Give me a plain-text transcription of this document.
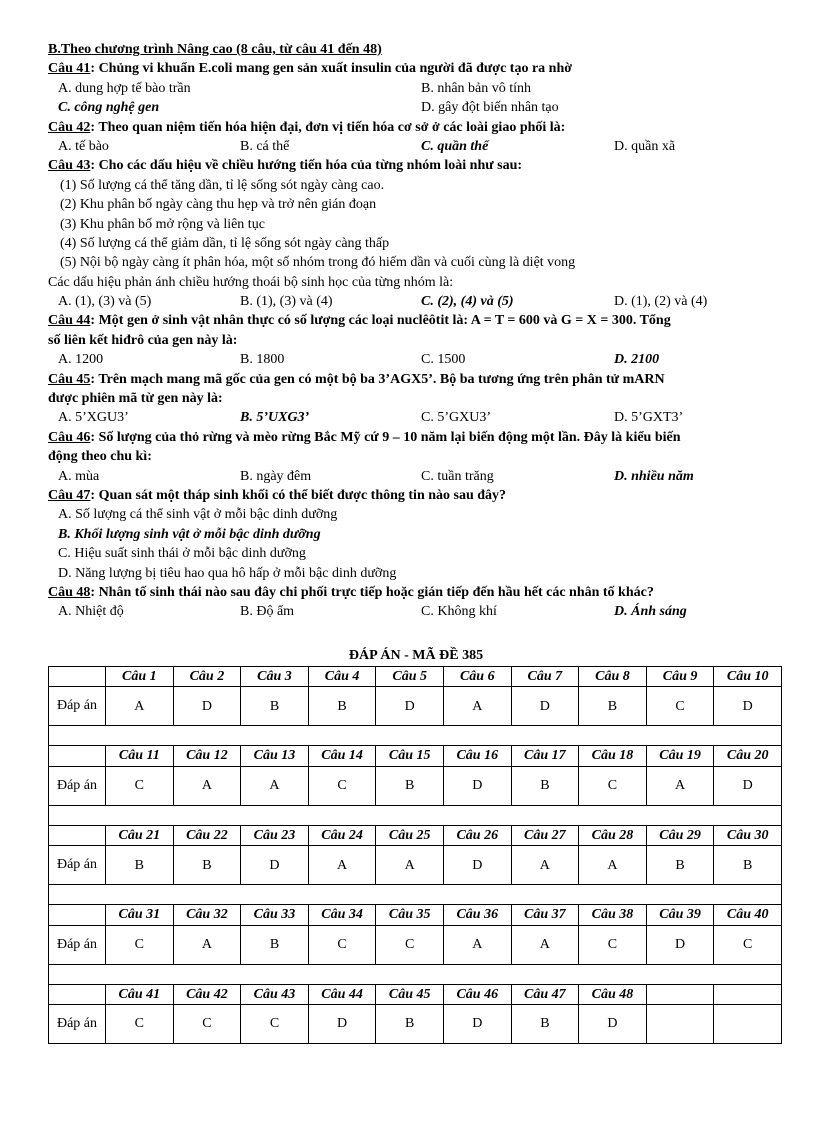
B.Theo chương trình Nâng cao (8 câu, từ câu 41 đến 48)
Câu 41: Chủng vi khuẩn E.coli mang gen sản xuất insulin của người đã được tạo ra nhờ
A. dung hợp tế bào trần	B. nhân bản vô tính
C. công nghệ gen	D. gây đột biến nhân tạo
Câu 42: Theo quan niệm tiến hóa hiện đại, đơn vị tiến hóa cơ sở ở các loài giao phối là:
A. tế bào	B. cá thể	C. quần thể	D. quần xã
Câu 43: Cho các dấu hiệu về chiều hướng tiến hóa của từng nhóm loài như sau:
(1) Số lượng cá thể tăng dần, tỉ lệ sống sót ngày càng cao.
(2) Khu phân bố ngày càng thu hẹp và trở nên gián đoạn
(3) Khu phân bố mở rộng và liên tục
(4) Số lượng cá thể giảm dần, tỉ lệ sống sót ngày càng thấp
(5) Nội bộ ngày càng ít phân hóa, một số nhóm trong đó hiếm dần và cuối cùng là diệt vong
Các dấu hiệu phản ánh chiều hướng thoái bộ sinh học của từng nhóm là:
A. (1), (3) và (5)	B. (1), (3) và (4)	C. (2), (4) và (5)	D. (1), (2) và (4)
Câu 44: Một gen ở sinh vật nhân thực có số lượng các loại nuclêôtit là: A = T = 600 và G = X = 300. Tổng
số liên kết hiđrô của gen này là:
A. 1200	B. 1800	C. 1500	D. 2100
Câu 45: Trên mạch mang mã gốc của gen có một bộ ba 3’AGX5’. Bộ ba tương ứng trên phân tử mARN
được phiên mã từ gen này là:
A. 5’XGU3’	B. 5’UXG3’	C. 5’GXU3’	D. 5’GXT3’
Câu 46: Số lượng của thỏ rừng và mèo rừng Bắc Mỹ cứ 9 – 10 năm lại biến động một lần. Đây là kiểu biến
động theo chu kì:
A. mùa	B. ngày đêm	C. tuần trăng	D. nhiều năm
Câu 47: Quan sát một tháp sinh khối có thể biết được thông tin nào sau đây?
A. Số lượng cá thể sinh vật ở mỗi bậc dinh dưỡng
B. Khối lượng sinh vật ở mỗi bậc dinh dưỡng
C. Hiệu suất sinh thái ở mỗi bậc dinh dưỡng
D. Năng lượng bị tiêu hao qua hô hấp ở mỗi bậc dinh dưỡng
Câu 48: Nhân tố sinh thái nào sau đây chi phối trực tiếp hoặc gián tiếp đến hầu hết các nhân tố khác?
A. Nhiệt độ	B. Độ ẩm	C. Không khí	D. Ánh sáng
ĐÁP ÁN - MÃ ĐỀ 385
	Câu 1	Câu 2	Câu 3	Câu 4	Câu 5	Câu 6	Câu 7	Câu 8	Câu 9	Câu 10
Đáp án	A	D	B	B	D	A	D	B	C	D

	Câu 11	Câu 12	Câu 13	Câu 14	Câu 15	Câu 16	Câu 17	Câu 18	Câu 19	Câu 20
Đáp án	C	A	A	C	B	D	B	C	A	D

	Câu 21	Câu 22	Câu 23	Câu 24	Câu 25	Câu 26	Câu 27	Câu 28	Câu 29	Câu 30
Đáp án	B	B	D	A	A	D	A	A	B	B

	Câu 31	Câu 32	Câu 33	Câu 34	Câu 35	Câu 36	Câu 37	Câu 38	Câu 39	Câu 40
Đáp án	C	A	B	C	C	A	A	C	D	C

	Câu 41	Câu 42	Câu 43	Câu 44	Câu 45	Câu 46	Câu 47	Câu 48		
Đáp án	C	C	C	D	B	D	B	D		
